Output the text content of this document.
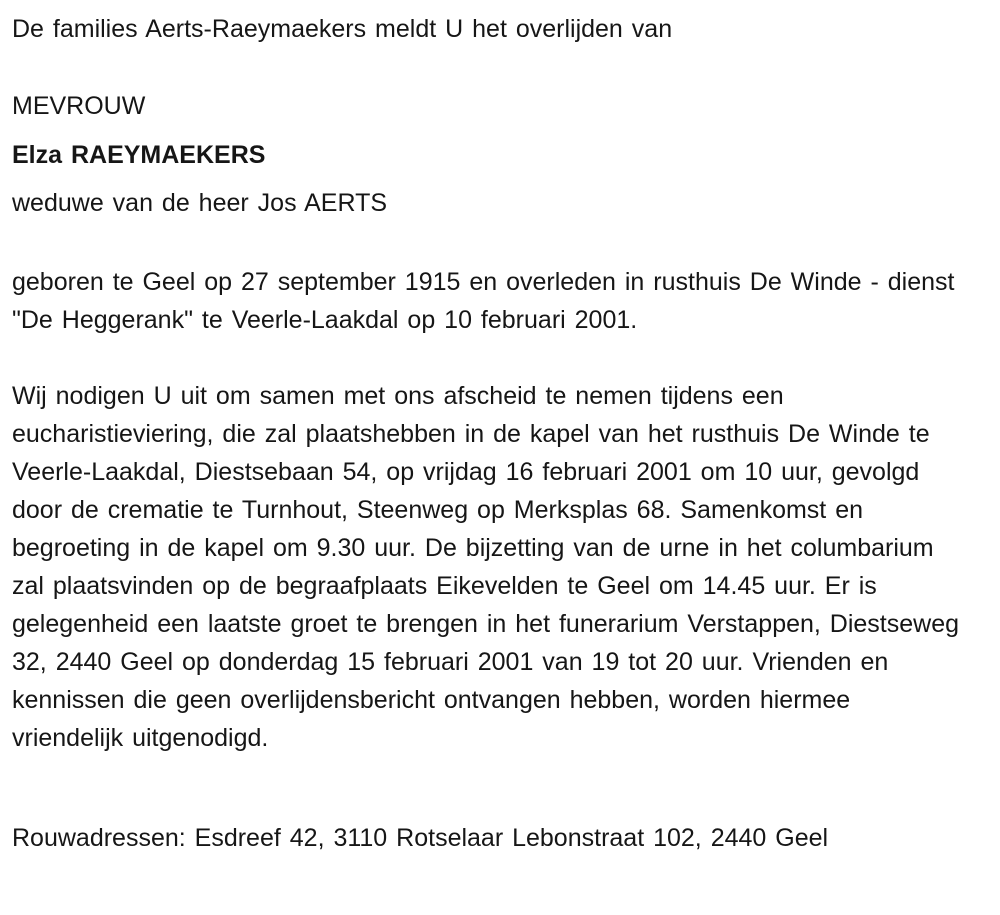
De families Aerts-Raeymaekers meldt U het overlijden van

MEVROUW

Elza RAEYMAEKERS

weduwe van de heer Jos AERTS

geboren te Geel op 27 september 1915 en overleden in rusthuis De Winde - dienst "De Heggerank" te Veerle-Laakdal op 10 februari 2001.

Wij nodigen U uit om samen met ons afscheid te nemen tijdens een eucharistieviering, die zal plaatshebben in de kapel van het rusthuis De Winde te Veerle-Laakdal, Diestsebaan 54, op vrijdag 16 februari 2001 om 10 uur, gevolgd door de crematie te Turnhout, Steenweg op Merksplas 68. Samenkomst en begroeting in de kapel om 9.30 uur. De bijzetting van de urne in het columbarium zal plaatsvinden op de begraafplaats Eikevelden te Geel om 14.45 uur. Er is gelegenheid een laatste groet te brengen in het funerarium Verstappen, Diestseweg 32, 2440 Geel op donderdag 15 februari 2001 van 19 tot 20 uur. Vrienden en kennissen die geen overlijdensbericht ontvangen hebben, worden hiermee vriendelijk uitgenodigd.

Rouwadressen: Esdreef 42, 3110 Rotselaar Lebonstraat 102, 2440 Geel
